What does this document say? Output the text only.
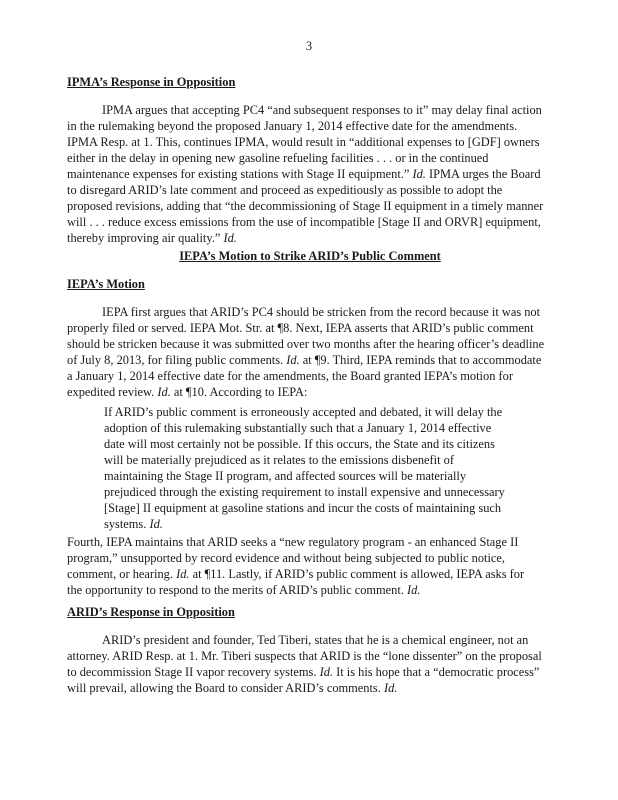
3
IPMA’s Response in Opposition
IPMA argues that accepting PC4 “and subsequent responses to it” may delay final action
in the rulemaking beyond the proposed January 1, 2014 effective date for the amendments.
IPMA Resp. at 1. This, continues IPMA, would result in “additional expenses to [GDF] owners
either in the delay in opening new gasoline refueling facilities . . . or in the continued
maintenance expenses for existing stations with Stage II equipment.” Id. IPMA urges the Board
to disregard ARID’s late comment and proceed as expeditiously as possible to adopt the
proposed revisions, adding that “the decommissioning of Stage II equipment in a timely manner
will . . . reduce excess emissions from the use of incompatible [Stage II and ORVR] equipment,
thereby improving air quality.” Id.
IEPA’s Motion to Strike ARID’s Public Comment
IEPA’s Motion
IEPA first argues that ARID’s PC4 should be stricken from the record because it was not
properly filed or served. IEPA Mot. Str. at ¶8. Next, IEPA asserts that ARID’s public comment
should be stricken because it was submitted over two months after the hearing officer’s deadline
of July 8, 2013, for filing public comments. Id. at ¶9. Third, IEPA reminds that to accommodate
a January 1, 2014 effective date for the amendments, the Board granted IEPA’s motion for
expedited review. Id. at ¶10. According to IEPA:
If ARID’s public comment is erroneously accepted and debated, it will delay the
adoption of this rulemaking substantially such that a January 1, 2014 effective
date will most certainly not be possible. If this occurs, the State and its citizens
will be materially prejudiced as it relates to the emissions disbenefit of
maintaining the Stage II program, and affected sources will be materially
prejudiced through the existing requirement to install expensive and unnecessary
[Stage] II equipment at gasoline stations and incur the costs of maintaining such
systems. Id.
Fourth, IEPA maintains that ARID seeks a “new regulatory program - an enhanced Stage II
program,” unsupported by record evidence and without being subjected to public notice,
comment, or hearing. Id. at ¶11. Lastly, if ARID’s public comment is allowed, IEPA asks for
the opportunity to respond to the merits of ARID’s public comment. Id.
ARID’s Response in Opposition
ARID’s president and founder, Ted Tiberi, states that he is a chemical engineer, not an
attorney. ARID Resp. at 1. Mr. Tiberi suspects that ARID is the “lone dissenter” on the proposal
to decommission Stage II vapor recovery systems. Id. It is his hope that a “democratic process”
will prevail, allowing the Board to consider ARID’s comments. Id.
